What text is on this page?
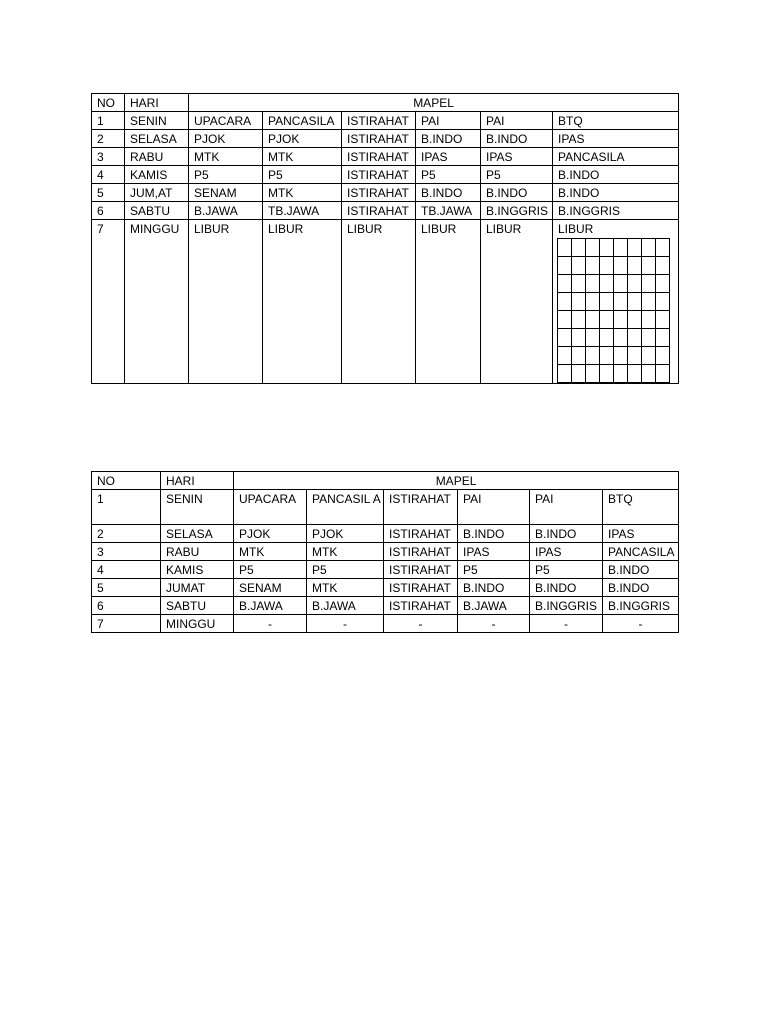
NO	HARI	MAPEL					
1	SENIN	UPACARA	PANCASILA	ISTIRAHAT	PAI	PAI	BTQ
2	SELASA	PJOK	PJOK	ISTIRAHAT	B.INDO	B.INDO	IPAS
3	RABU	MTK	MTK	ISTIRAHAT	IPAS	IPAS	PANCASILA
4	KAMIS	P5	P5	ISTIRAHAT	P5	P5	B.INDO
5	JUM,AT	SENAM	MTK	ISTIRAHAT	B.INDO	B.INDO	B.INDO
6	SABTU	B.JAWA	TB.JAWA	ISTIRAHAT	TB.JAWA	B.INGGRIS	B.INGGRIS
7	MINGGU	LIBUR	LIBUR	LIBUR	LIBUR	LIBUR	LIBUR
NO	HARI	MAPEL					
1	SENIN	UPACARA	PANCASIL A	ISTIRAHAT	PAI	PAI	BTQ
2	SELASA	PJOK	PJOK	ISTIRAHAT	B.INDO	B.INDO	IPAS
3	RABU	MTK	MTK	ISTIRAHAT	IPAS	IPAS	PANCASILA
4	KAMIS	P5	P5	ISTIRAHAT	P5	P5	B.INDO
5	JUMAT	SENAM	MTK	ISTIRAHAT	B.INDO	B.INDO	B.INDO
6	SABTU	B.JAWA	B.JAWA	ISTIRAHAT	B.JAWA	B.INGGRIS	B.INGGRIS
7	MINGGU	-	-	-	-	-	-
